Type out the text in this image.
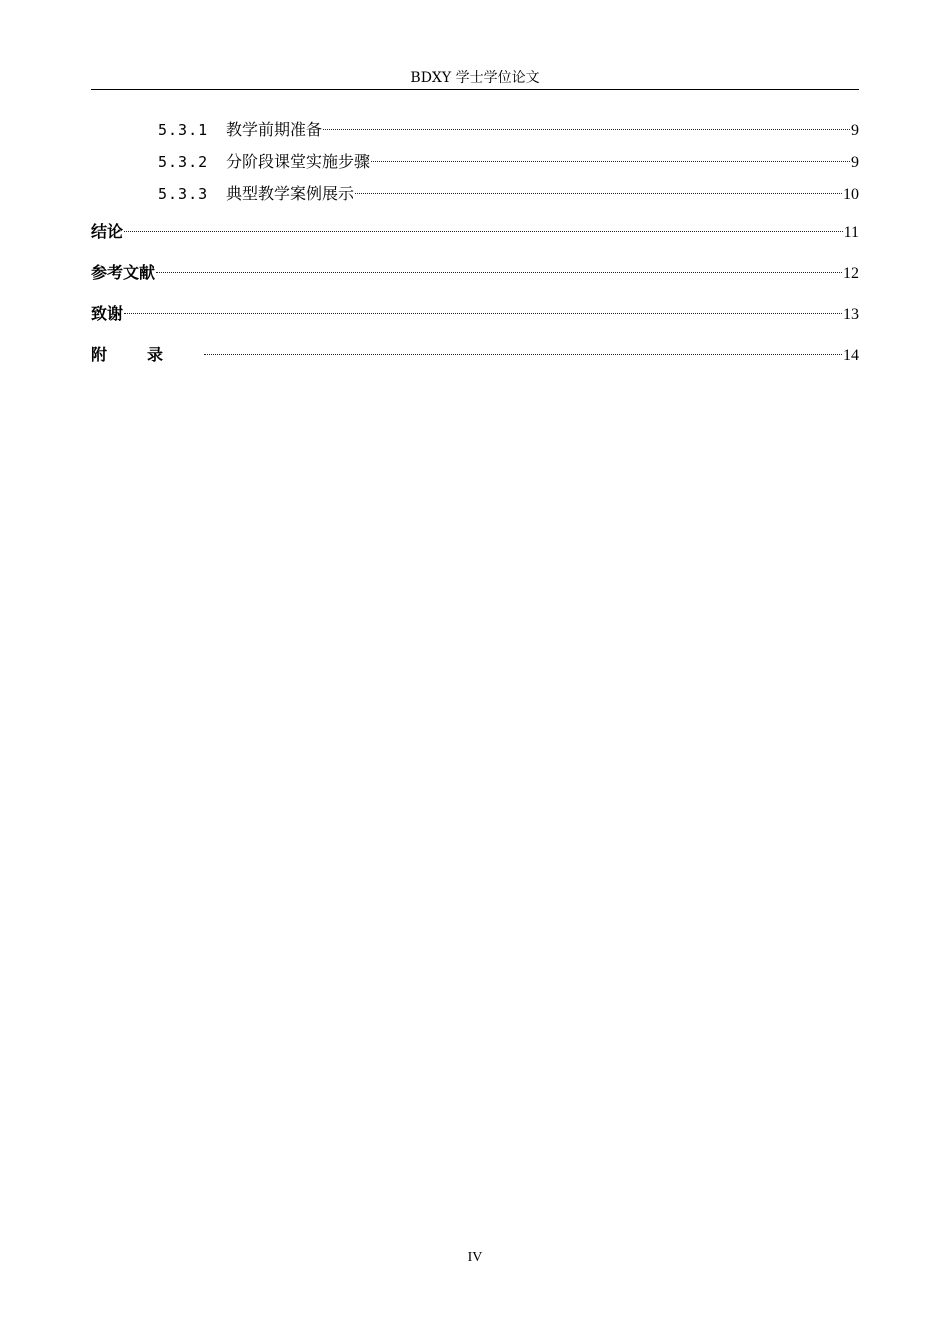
BDXY 学士学位论文
5.3.1	教学前期准备	9
5.3.2	分阶段课堂实施步骤	9
5.3.3	典型教学案例展示	10
结论	11
参考文献	12
致谢	13
附录	14
IV
